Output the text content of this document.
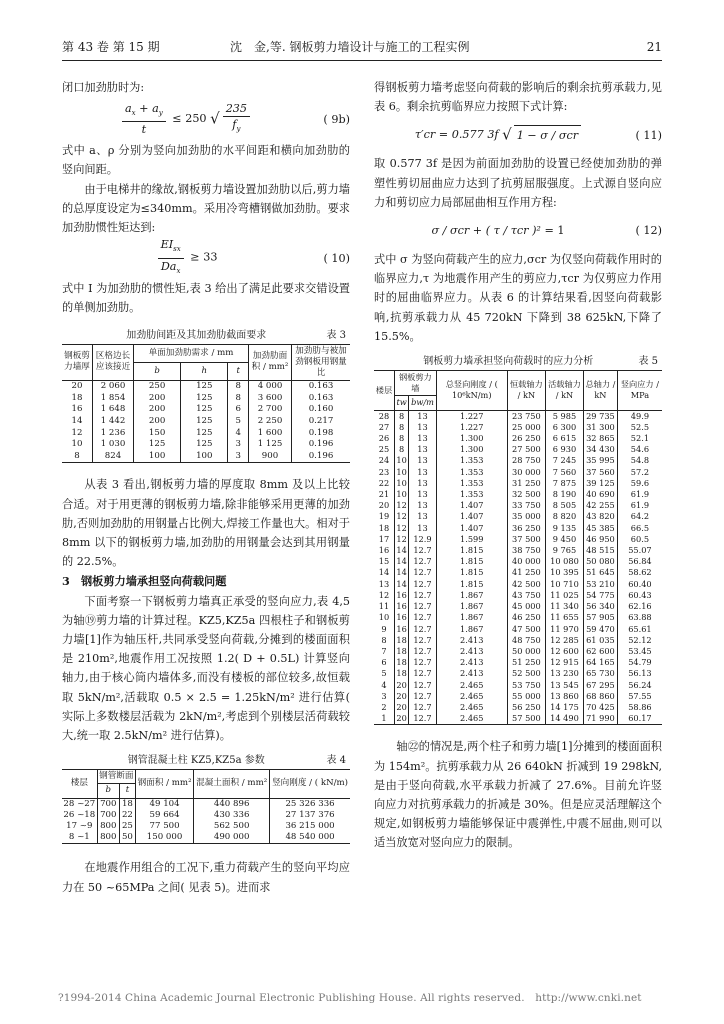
第 43 卷 第 15 期	沈　金,等. 钢板剪力墙设计与施工的工程实例	21

闭口加劲肋时为:

$\frac{a_x + a_y}{t} \le 250$ √ $\frac{235}{f_y}$	( 9b)

式中 a、ρ 分别为竖向加劲肋的水平间距和横向加劲肋的竖向间距。

由于电梯井的缘故,钢板剪力墙设置加劲肋以后,剪力墙的总厚度设定为≤340mm。采用冷弯槽钢做加劲肋。要求加劲肋惯性矩达到:

$\frac{EI_{sx}}{Da_x} \ge 33$	( 10)

式中 I 为加劲肋的惯性矩,表 3 给出了满足此要求交错设置的单侧加劲肋。

加劲肋间距及其加劲肋截面要求	表 3
钢板剪力墙厚	区格边长应该接近	单面加劲肋需求 / mm			加劲肋面积 / mm²	加劲肋与被加劲钢板用钢量比
		b	h	t		
20	2 060	250	125	8	4 000	0.163
18	1 854	200	125	8	3 600	0.163
16	1 648	200	125	6	2 700	0.160
14	1 442	200	125	5	2 250	0.217
12	1 236	150	125	4	1 600	0.198
10	1 030	125	125	3	1 125	0.196
8	824	100	100	3	900	0.196

从表 3 看出,钢板剪力墙的厚度取 8mm 及以上比较合适。对于用更薄的钢板剪力墙,除非能够采用更薄的加劲肋,否则加劲肋的用钢量占比例大,焊接工作量也大。相对于 8mm 以下的钢板剪力墙,加劲肋的用钢量会达到其用钢量的 22.5%。

3　钢板剪力墙承担竖向荷载问题

下面考察一下钢板剪力墙真正承受的竖向应力,表 4,5 为轴⑲剪力墙的计算过程。KZ5,KZ5a 四根柱子和钢板剪力墙[1]作为轴压杆,共同承受竖向荷载,分摊到的楼面面积是 210m²,地震作用工况按照 1.2( D + 0.5L) 计算竖向轴力,由于核心筒内墙体多,而没有楼板的部位较多,故恒载取 5kN/m²,活载取 0.5 × 2.5 = 1.25kN/m² 进行估算( 实际上多数楼层活载为 2kN/m²,考虑到个别楼层活荷载较大,统一取 2.5kN/m² 进行估算)。

钢管混凝土柱 KZ5,KZ5a 参数	表 4
楼层	钢管断面		钢面积 / mm²	混凝土面积 / mm²	竖向刚度 / ( kN/m)
	b	t			
28 ~27	700	18	49 104	440 896	25 326 336
26 ~18	700	22	59 664	430 336	27 137 376
17 ~9	800	25	77 500	562 500	36 215 000
8 ~1	800	50	150 000	490 000	48 540 000

在地震作用组合的工况下,重力荷载产生的竖向平均应力在 50 ~65MPa 之间( 见表 5)。进而求

得钢板剪力墙考虑竖向荷载的影响后的剩余抗剪承载力,见表 6。剩余抗剪临界应力按照下式计算:

τ′cr = 0.577 3f √ 1 − σ / σcr	( 11)

取 0.577 3f 是因为前面加劲肋的设置已经使加劲肋的弹塑性剪切屈曲应力达到了抗剪屈服强度。上式源自竖向应力和剪切应力局部屈曲相互作用方程:

σ / σcr + ( τ / τcr )² = 1	( 12)

式中 σ 为竖向荷载产生的应力,σcr 为仅竖向荷载作用时的临界应力,τ 为地震作用产生的剪应力,τcr 为仅剪应力作用时的屈曲临界应力。从表 6 的计算结果看,因竖向荷载影响,抗剪承载力从 45 720kN 下降到 38 625kN,下降了 15.5%。

钢板剪力墙承担竖向荷载时的应力分析	表 5
楼层	钢板剪力墙		总竖向刚度 / ( 10⁶kN/m)	恒载轴力 / kN	活载轴力 / kN	总轴力 / kN	竖向应力 / MPa
	tw	bw/m					
28	8	13	1.227	23 750	5 985	29 735	49.9
27	8	13	1.227	25 000	6 300	31 300	52.5
26	8	13	1.300	26 250	6 615	32 865	52.1
25	8	13	1.300	27 500	6 930	34 430	54.6
24	10	13	1.353	28 750	7 245	35 995	54.8
23	10	13	1.353	30 000	7 560	37 560	57.2
22	10	13	1.353	31 250	7 875	39 125	59.6
21	10	13	1.353	32 500	8 190	40 690	61.9
20	12	13	1.407	33 750	8 505	42 255	61.9
19	12	13	1.407	35 000	8 820	43 820	64.2
18	12	13	1.407	36 250	9 135	45 385	66.5
17	12	12.9	1.599	37 500	9 450	46 950	60.5
16	14	12.7	1.815	38 750	9 765	48 515	55.07
15	14	12.7	1.815	40 000	10 080	50 080	56.84
14	14	12.7	1.815	41 250	10 395	51 645	58.62
13	14	12.7	1.815	42 500	10 710	53 210	60.40
12	16	12.7	1.867	43 750	11 025	54 775	60.43
11	16	12.7	1.867	45 000	11 340	56 340	62.16
10	16	12.7	1.867	46 250	11 655	57 905	63.88
9	16	12.7	1.867	47 500	11 970	59 470	65.61
8	18	12.7	2.413	48 750	12 285	61 035	52.12
7	18	12.7	2.413	50 000	12 600	62 600	53.45
6	18	12.7	2.413	51 250	12 915	64 165	54.79
5	18	12.7	2.413	52 500	13 230	65 730	56.13
4	20	12.7	2.465	53 750	13 545	67 295	56.24
3	20	12.7	2.465	55 000	13 860	68 860	57.55
2	20	12.7	2.465	56 250	14 175	70 425	58.86
1	20	12.7	2.465	57 500	14 490	71 990	60.17

轴㉒的情况是,两个柱子和剪力墙[1]分摊到的楼面面积为 154m²。抗剪承载力从 26 640kN 折减到 19 298kN,是由于竖向荷载,水平承载力折减了 27.6%。目前允许竖向应力对抗剪承载力的折减是 30%。但是应灵活理解这个规定,如钢板剪力墙能够保证中震弹性,中震不屈曲,则可以适当放宽对竖向应力的限制。

?1994-2014 China Academic Journal Electronic Publishing House. All rights reserved.　http://www.cnki.net
